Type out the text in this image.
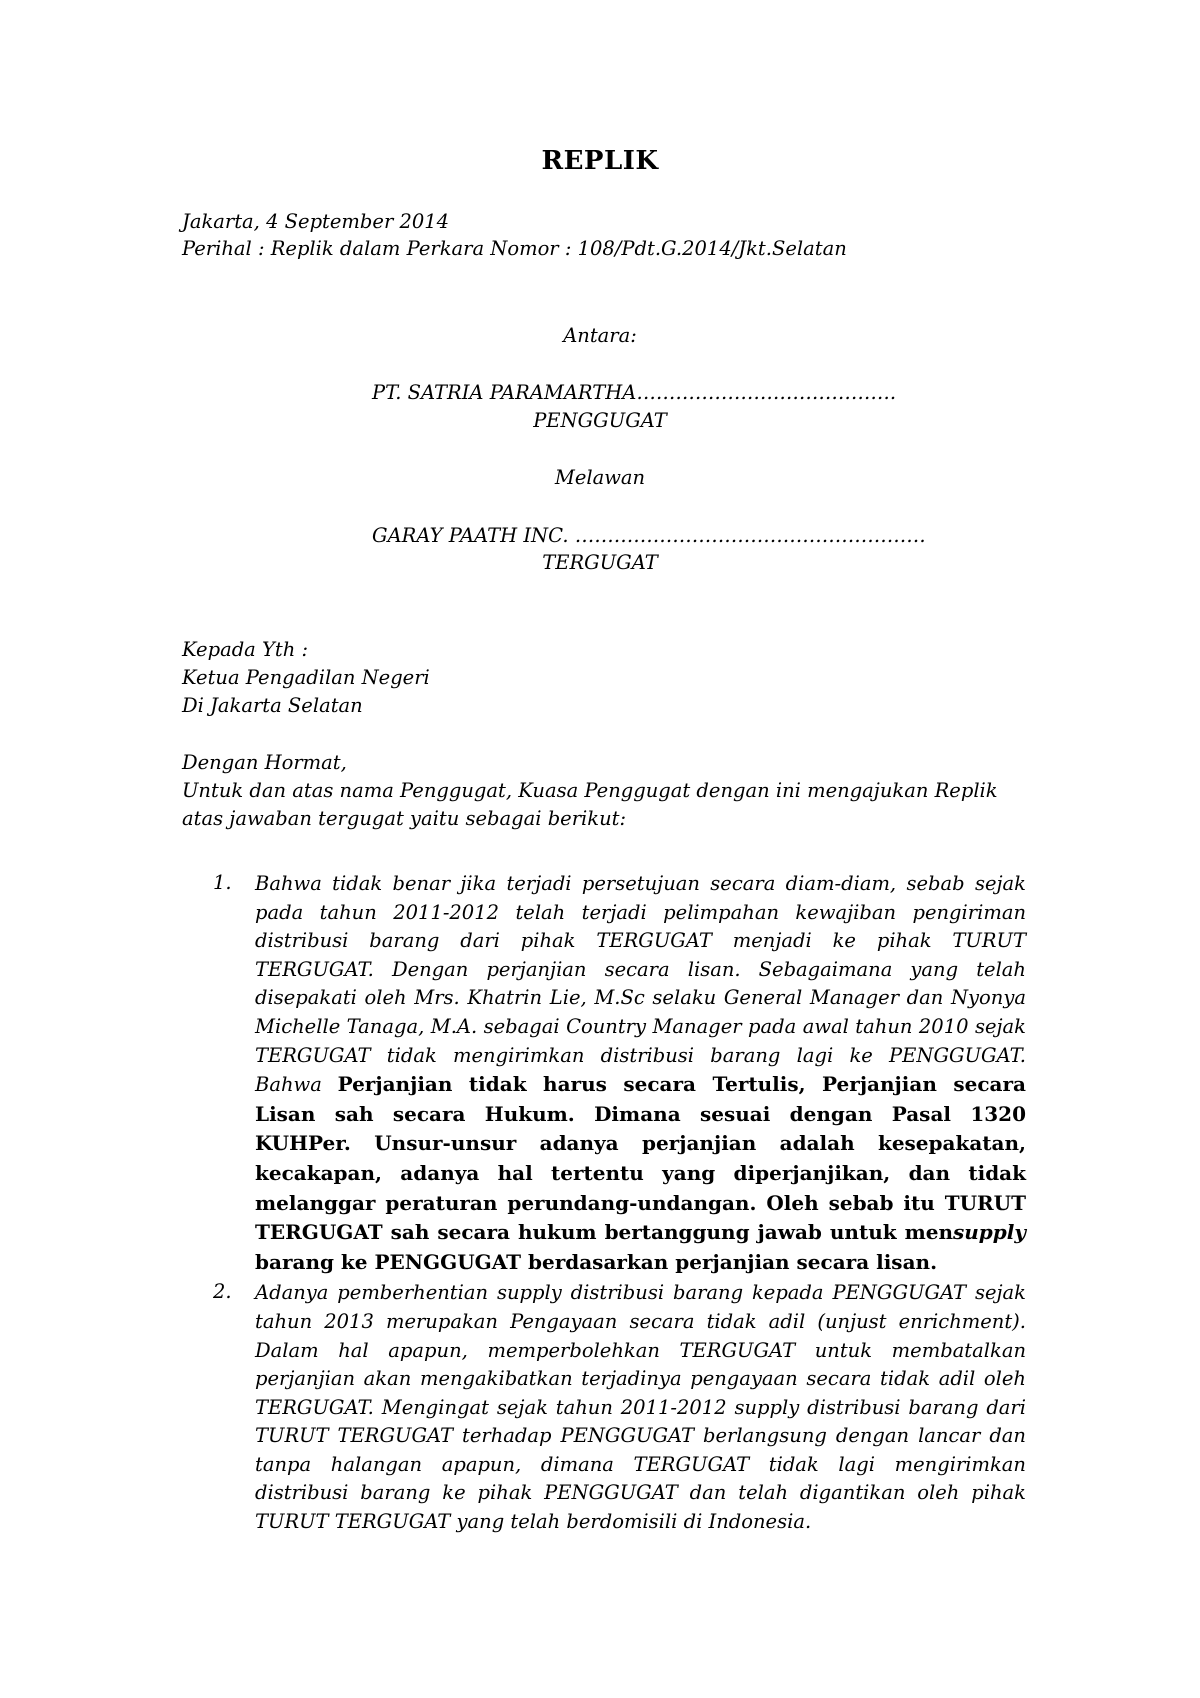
REPLIK
Jakarta, 4 September 2014
Perihal : Replik dalam Perkara Nomor : 108/Pdt.G.2014/Jkt.Selatan
Antara:
PT. SATRIA PARAMARTHA………………………………….
PENGGUGAT
Melawan
GARAY PAATH INC. ………………………………………………
TERGUGAT
Kepada Yth :
Ketua Pengadilan Negeri
Di Jakarta Selatan
Dengan Hormat,
Untuk dan atas nama Penggugat, Kuasa Penggugat dengan ini mengajukan Replik
atas jawaban tergugat yaitu sebagai berikut:
1. Bahwa tidak benar jika terjadi persetujuan secara diam-diam, sebab sejak pada tahun 2011-2012 telah terjadi pelimpahan kewajiban pengiriman distribusi barang dari pihak TERGUGAT menjadi ke pihak TURUT TERGUGAT. Dengan perjanjian secara lisan. Sebagaimana yang telah disepakati oleh Mrs. Khatrin Lie, M.Sc selaku General Manager dan Nyonya Michelle Tanaga, M.A. sebagai Country Manager pada awal tahun 2010 sejak TERGUGAT tidak mengirimkan distribusi barang lagi ke PENGGUGAT. Bahwa Perjanjian tidak harus secara Tertulis, Perjanjian secara Lisan sah secara Hukum. Dimana sesuai dengan Pasal 1320 KUHPer. Unsur-unsur adanya perjanjian adalah kesepakatan, kecakapan, adanya hal tertentu yang diperjanjikan, dan tidak melanggar peraturan perundang-undangan. Oleh sebab itu TURUT TERGUGAT sah secara hukum bertanggung jawab untuk mensupply barang ke PENGGUGAT berdasarkan perjanjian secara lisan.
2. Adanya pemberhentian supply distribusi barang kepada PENGGUGAT sejak tahun 2013 merupakan Pengayaan secara tidak adil (unjust enrichment). Dalam hal apapun, memperbolehkan TERGUGAT untuk membatalkan perjanjian akan mengakibatkan terjadinya pengayaan secara tidak adil oleh TERGUGAT. Mengingat sejak tahun 2011-2012 supply distribusi barang dari TURUT TERGUGAT terhadap PENGGUGAT berlangsung dengan lancar dan tanpa halangan apapun, dimana TERGUGAT tidak lagi mengirimkan distribusi barang ke pihak PENGGUGAT dan telah digantikan oleh pihak TURUT TERGUGAT yang telah berdomisili di Indonesia.
